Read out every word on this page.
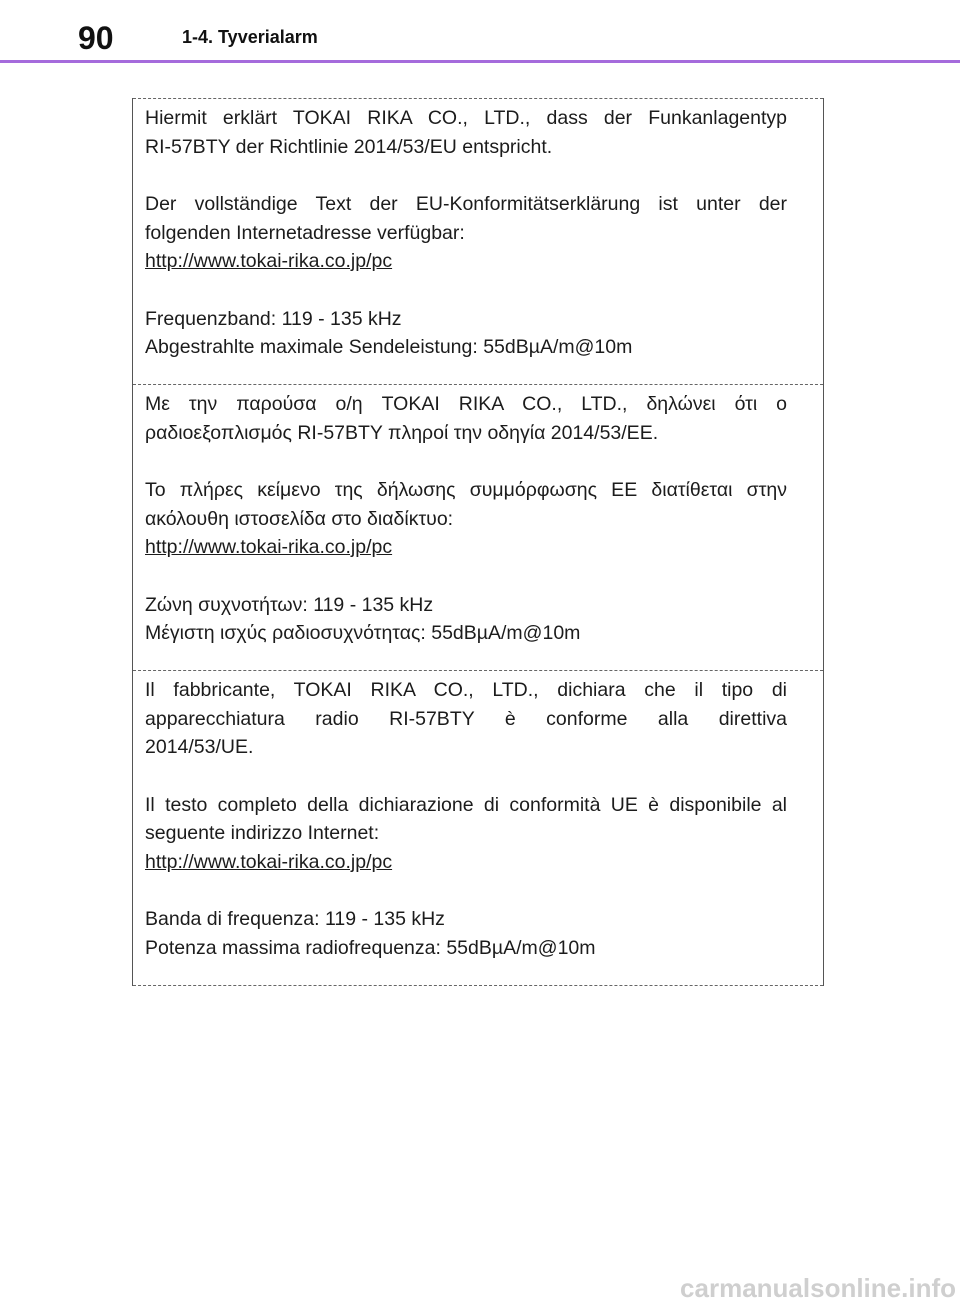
90	1-4. Tyverialarm

Hiermit erklärt TOKAI RIKA CO., LTD., dass der Funkanlagentyp

RI-57BTY der Richtlinie 2014/53/EU entspricht.

Der vollständige Text der EU-Konformitätserklärung ist unter der

folgenden Internetadresse verfügbar:

http://www.tokai-rika.co.jp/pc

Frequenzband: 119 - 135 kHz

Abgestrahlte maximale Sendeleistung: 55dBµA/m@10m

Με την παρούσα ο/η TOKAI RIKA CO., LTD., δηλώνει ότι ο

ραδιοεξοπλισμός RI-57BTY πληροί την οδηγία 2014/53/ΕΕ.

Το πλήρες κείμενο της δήλωσης συμμόρφωσης ΕΕ διατίθεται στην

ακόλουθη ιστοσελίδα στο διαδίκτυο:

http://www.tokai-rika.co.jp/pc

Ζώνη συχνοτήτων: 119 - 135 kHz

Μέγιστη ισχύς ραδιοσυχνότητας: 55dBµA/m@10m

Il fabbricante, TOKAI RIKA CO., LTD., dichiara che il tipo di

apparecchiatura radio RI-57BTY è conforme alla direttiva

2014/53/UE.

Il testo completo della dichiarazione di conformità UE è disponibile al

seguente indirizzo Internet:

http://www.tokai-rika.co.jp/pc

Banda di frequenza: 119 - 135 kHz

Potenza massima radiofrequenza: 55dBµA/m@10m

carmanualsonline.info
